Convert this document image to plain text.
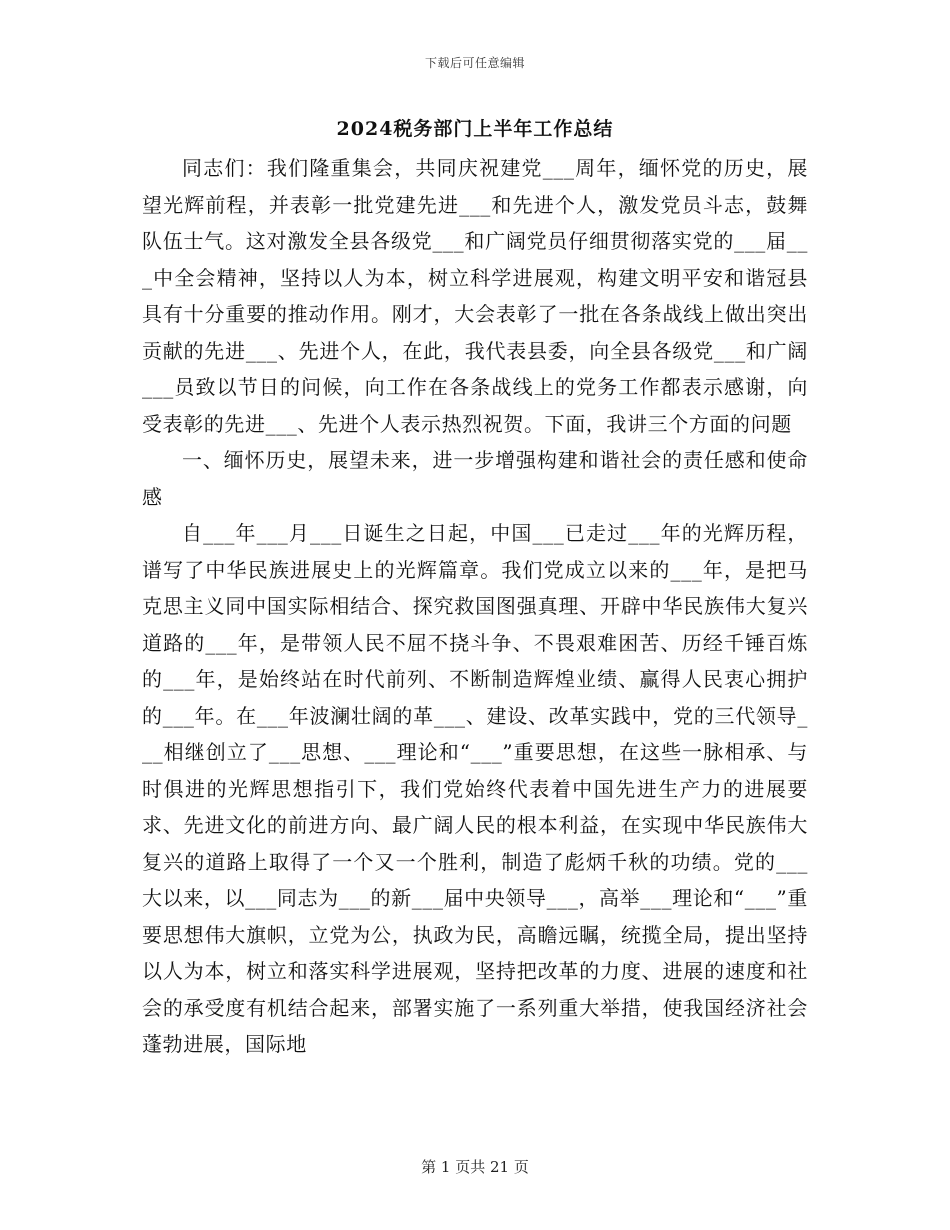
下载后可任意编辑
2024税务部门上半年工作总结

同志们：我们隆重集会，共同庆祝建党___周年，缅怀党的历史，展望光辉前程，并表彰一批党建先进___和先进个人，激发党员斗志，鼓舞队伍士气。这对激发全县各级党___和广阔党员仔细贯彻落实党的___届___中全会精神，坚持以人为本，树立科学进展观，构建文明平安和谐冠县具有十分重要的推动作用。刚才，大会表彰了一批在各条战线上做出突出贡献的先进___、先进个人，在此，我代表县委，向全县各级党___和广阔___员致以节日的问候，向工作在各条战线上的党务工作都表示感谢，向受表彰的先进___、先进个人表示热烈祝贺。下面，我讲三个方面的问题

一、缅怀历史，展望未来，进一步增强构建和谐社会的责任感和使命感

自___年___月___日诞生之日起，中国___已走过___年的光辉历程，谱写了中华民族进展史上的光辉篇章。我们党成立以来的___年，是把马克思主义同中国实际相结合、探究救国图强真理、开辟中华民族伟大复兴道路的___年，是带领人民不屈不挠斗争、不畏艰难困苦、历经千锤百炼的___年，是始终站在时代前列、不断制造辉煌业绩、赢得人民衷心拥护的___年。在___年波澜壮阔的革___、建设、改革实践中，党的三代领导___相继创立了___思想、___理论和“___”重要思想，在这些一脉相承、与时俱进的光辉思想指引下，我们党始终代表着中国先进生产力的进展要求、先进文化的前进方向、最广阔人民的根本利益，在实现中华民族伟大复兴的道路上取得了一个又一个胜利，制造了彪炳千秋的功绩。党的___大以来，以___同志为___的新___届中央领导___，高举___理论和“___”重要思想伟大旗帜，立党为公，执政为民，高瞻远瞩，统揽全局，提出坚持以人为本，树立和落实科学进展观，坚持把改革的力度、进展的速度和社会的承受度有机结合起来，部署实施了一系列重大举措，使我国经济社会蓬勃进展，国际地

第 1 页共 21 页
